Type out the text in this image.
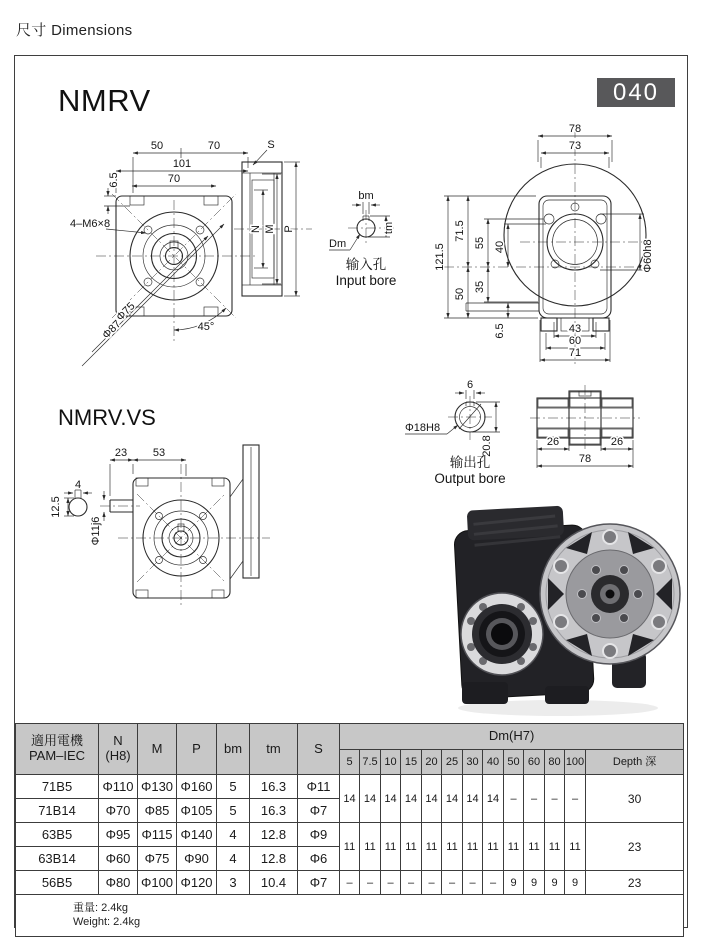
尺寸 Dimensions
NMRV	040
NMRV.VS
Φ75
Φ87	45°
4–M6×8
50	70
101
70
6.5
S
N M P
bm
tm
Dm
输入孔
Input bore
78
73
121.5
71.5
50
55
35
40
6.5
Φ60h8
43
60
71
23 53
4
12.5
Φ11j6
6
20.8
Φ18H8
输出孔
Output bore
26	26
78
適用電機
PAM–IEC	N
(H8)	M	P	bm	tm	S	Dm(H7)												
							5	7.5	10	15	20	25	30	40	50	60	80	100	Depth 深
71B5	Φ110	Φ130	Φ160	5	16.3	Φ11	14	14	14	14	14	14	14	14	–	–	–	–	30
71B14	Φ70	Φ85	Φ105	5	16.3	Φ7													
63B5	Φ95	Φ115	Φ140	4	12.8	Φ9	11	11	11	11	11	11	11	11	11	11	11	11	23
63B14	Φ60	Φ75	Φ90	4	12.8	Φ6													
56B5	Φ80	Φ100	Φ120	3	10.4	Φ7	–	–	–	–	–	–	–	–	9	9	9	9	23

重量: 2.4kg
Weight: 2.4kg																			
